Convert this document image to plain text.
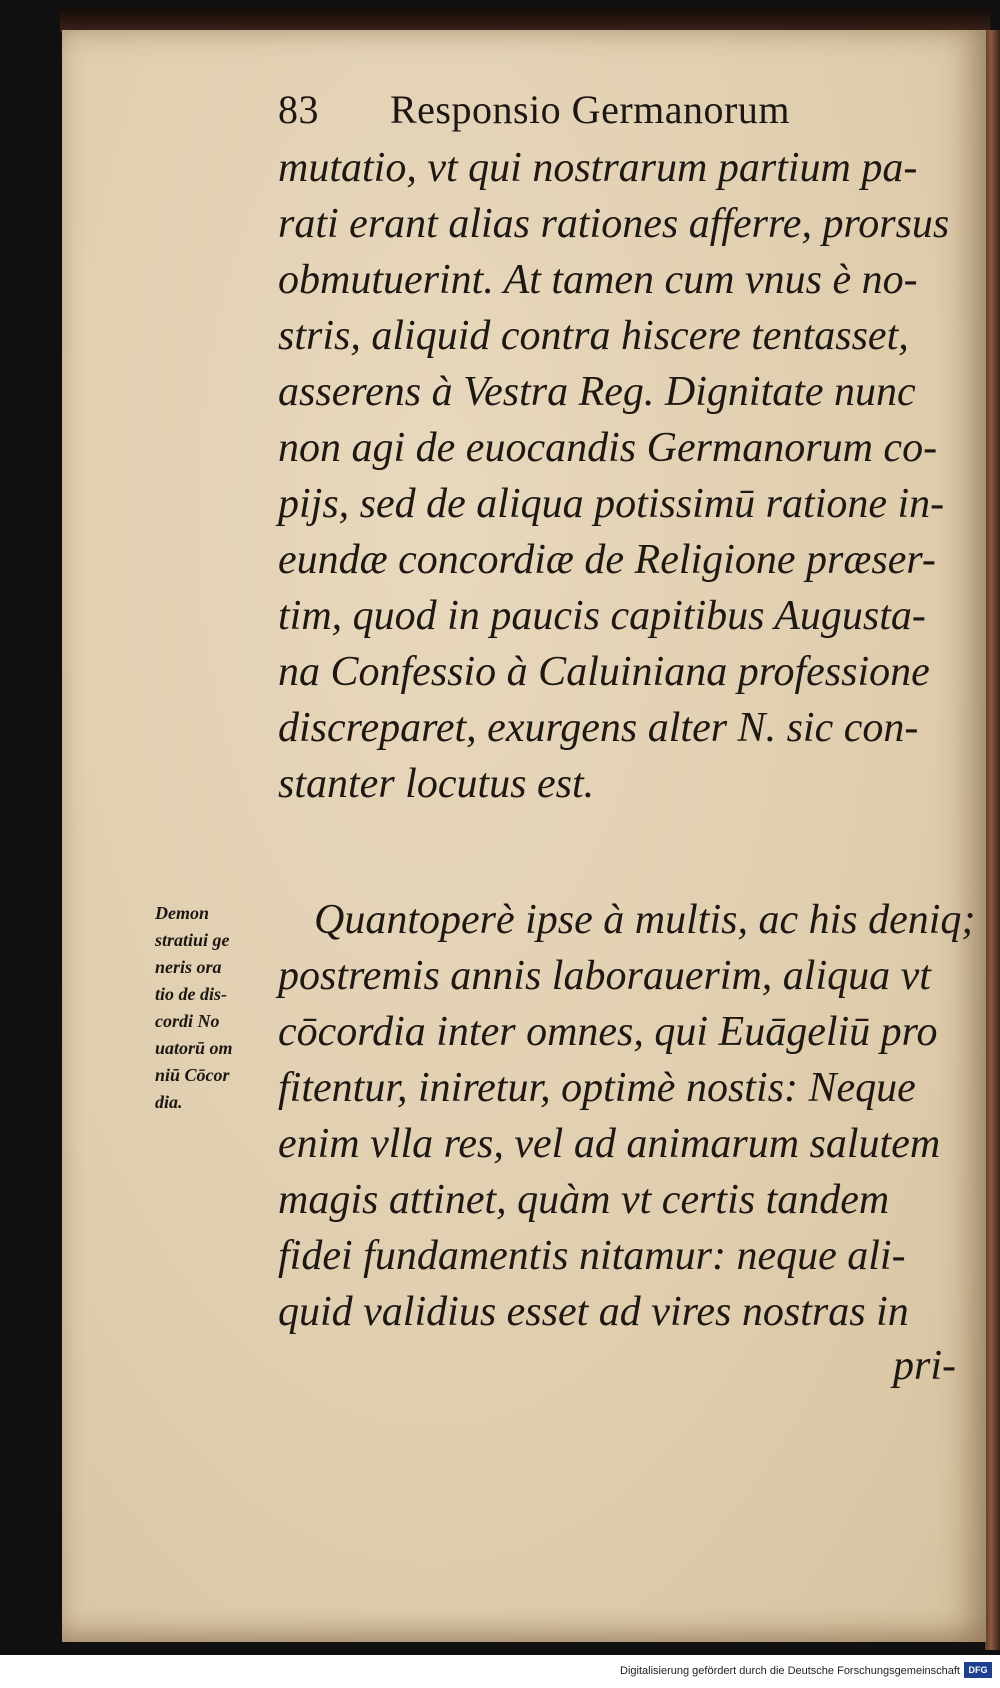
83 Responsio Germanorum
Demon
stratiui ge
neris ora
tio de dis-
cordi No
uatorū om
niū Cōcor
dia.
mutatio, vt qui nostrarum partium pa-
rati erant alias rationes afferre, prorsus
obmutuerint. At tamen cum vnus è no-
stris, aliquid contra hiscere tentasset,
asserens à Vestra Reg. Dignitate nunc
non agi de euocandis Germanorum co-
pijs, sed de aliqua potissimū ratione in-
eundæ concordiæ de Religione præser-
tim, quod in paucis capitibus Augusta-
na Confessio à Caluiniana professione
discreparet, exurgens alter N. sic con-
stanter locutus est.
Quantoperè ipse à multis, ac his deniq;
postremis annis laborauerim, aliqua vt
cōcordia inter omnes, qui Euāgeliū pro
fitentur, iniretur, optimè nostis: Neque
enim vlla res, vel ad animarum salutem
magis attinet, quàm vt certis tandem
fidei fundamentis nitamur: neque ali-
quid validius esset ad vires nostras in
pri-
Digitalisierung gefördert durch die Deutsche Forschungsgemeinschaft DFG
